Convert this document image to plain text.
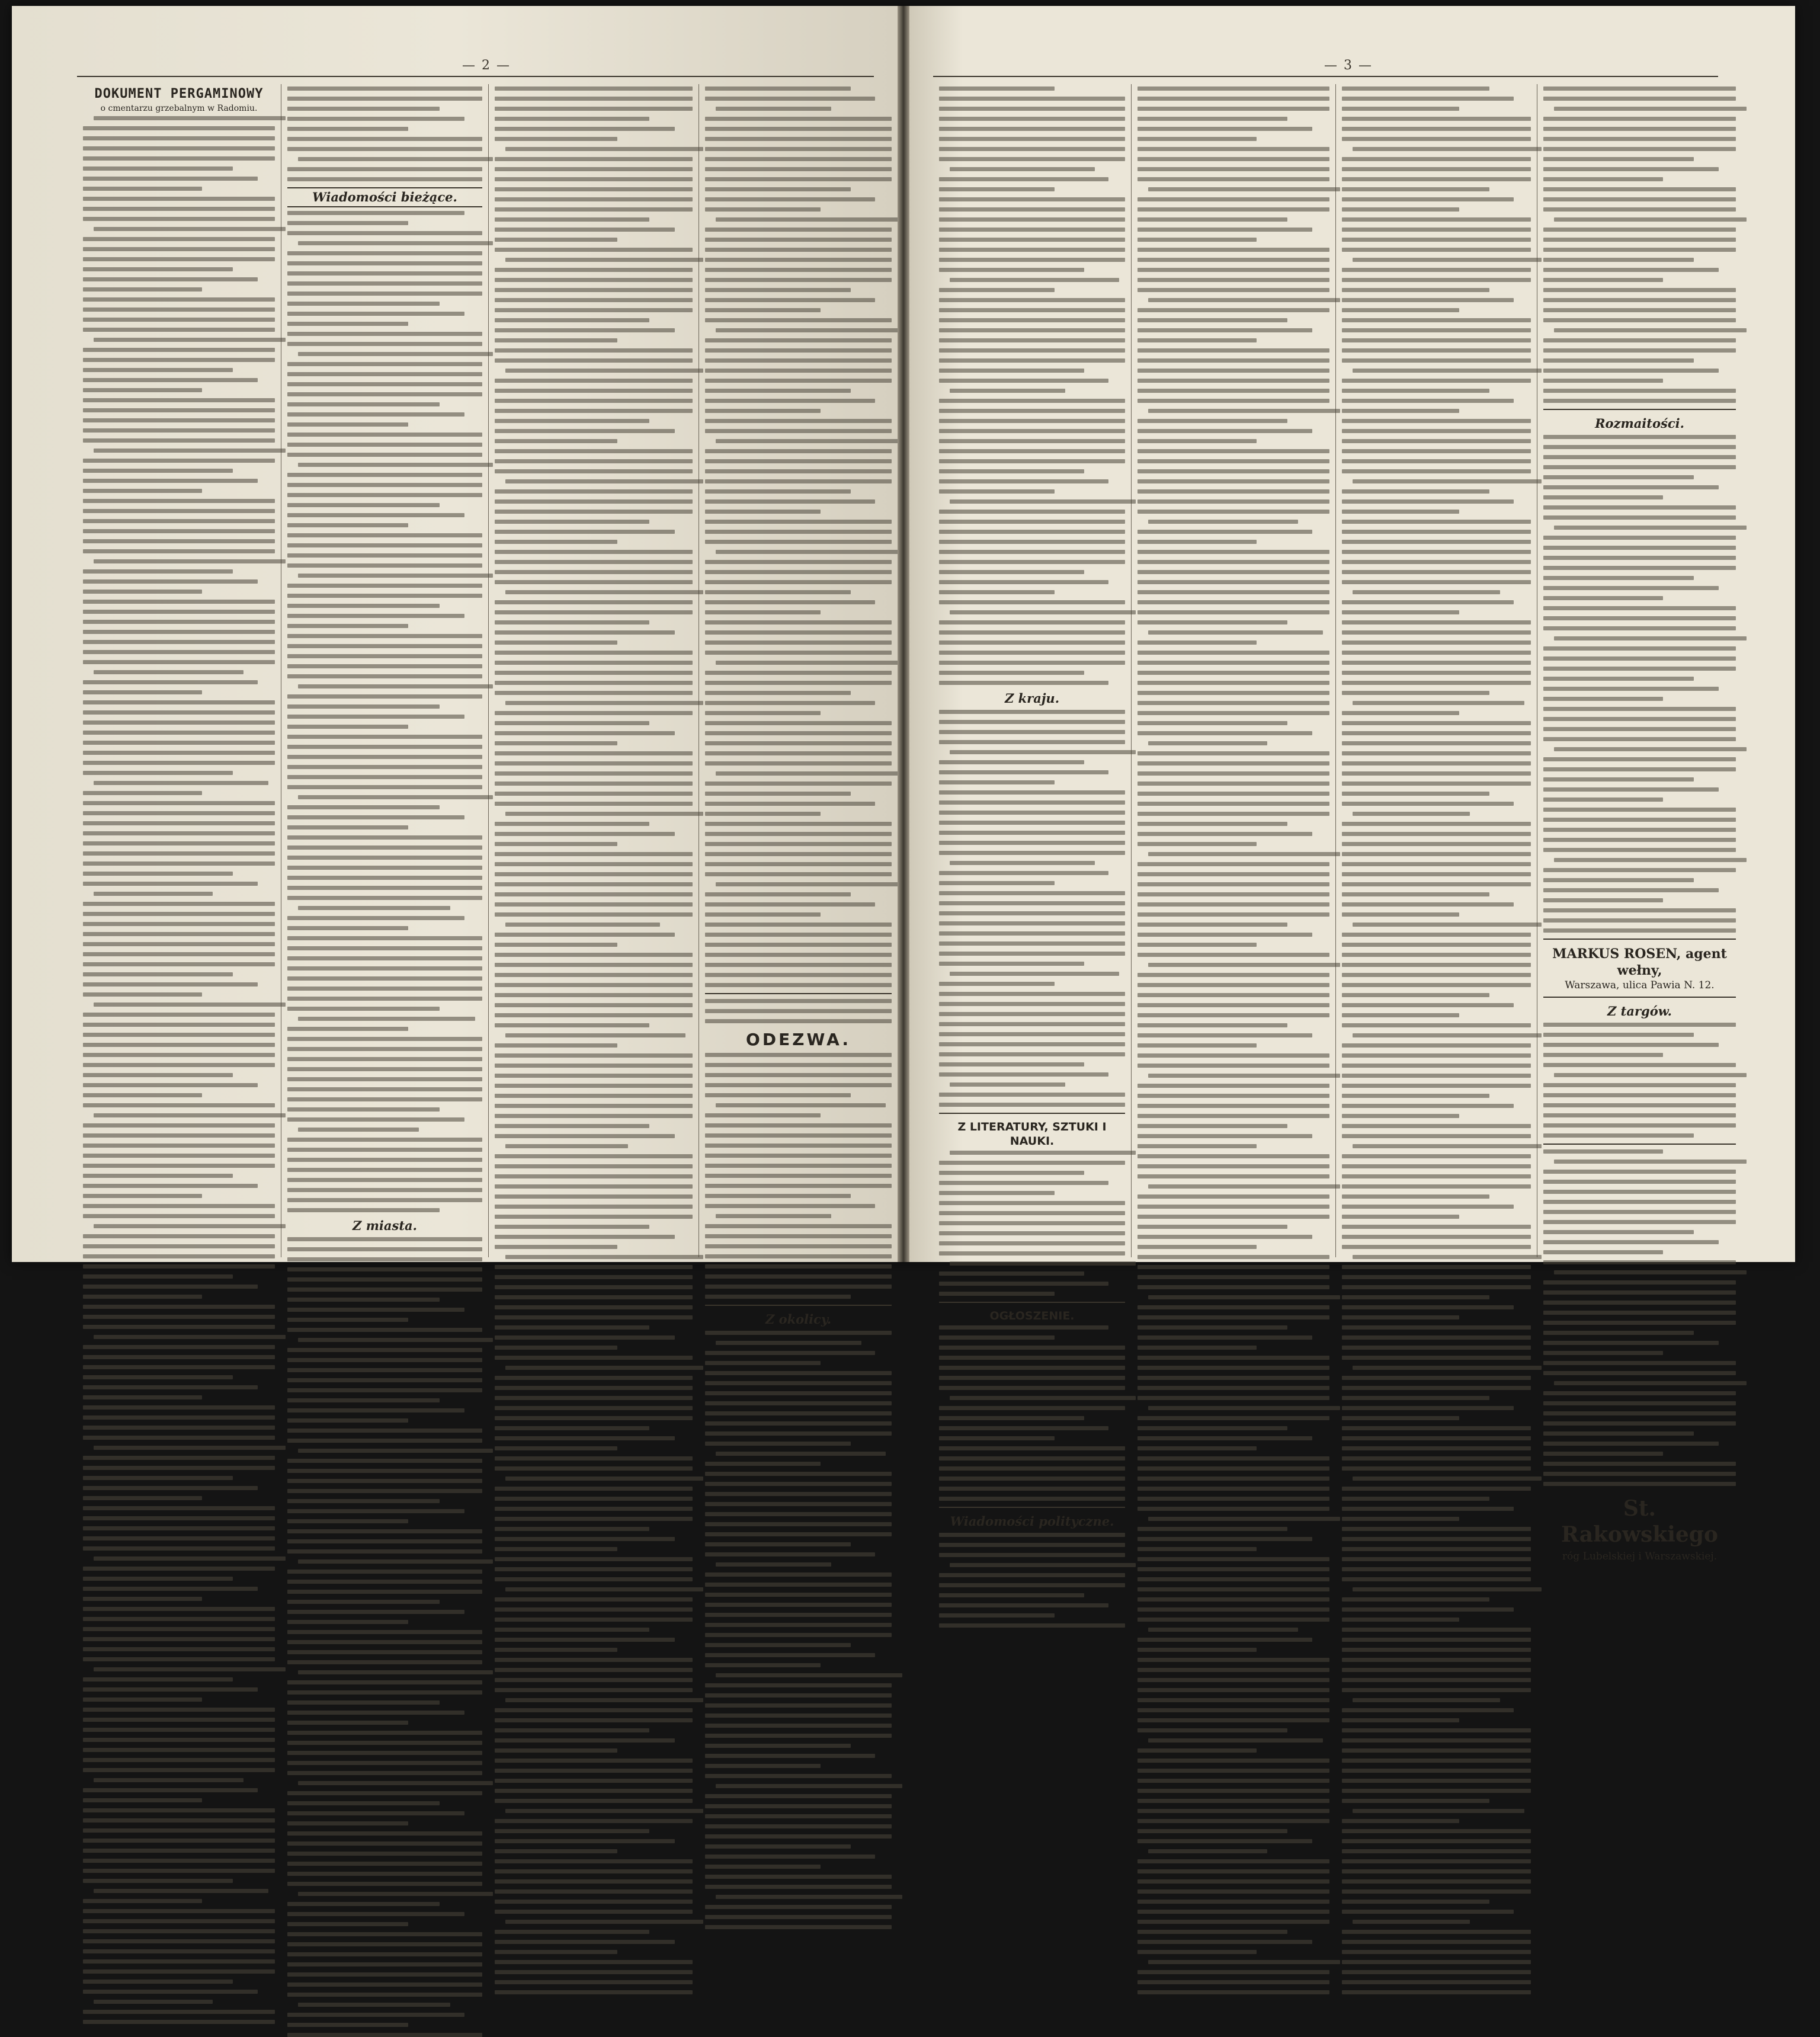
— 2 —
DOKUMENT PERGAMINOWY
o cmentarzu grzebalnym w Radomiu.
Wiadomości bieżące.
Z miasta.
ODEZWA.
Z okolicy.
— 3 —
Z kraju.
Z LITERATURY, SZTUKI I NAUKI.
OGŁOSZENIE.
Wiadomości polityczne.
Rozmaitości.
MARKUS ROSEN, agent wełny,
Warszawa, ulica Pawia N. 12.
Z targów.
St. Rakowskiego
róg Lubelskiej i Warszawskiej.
